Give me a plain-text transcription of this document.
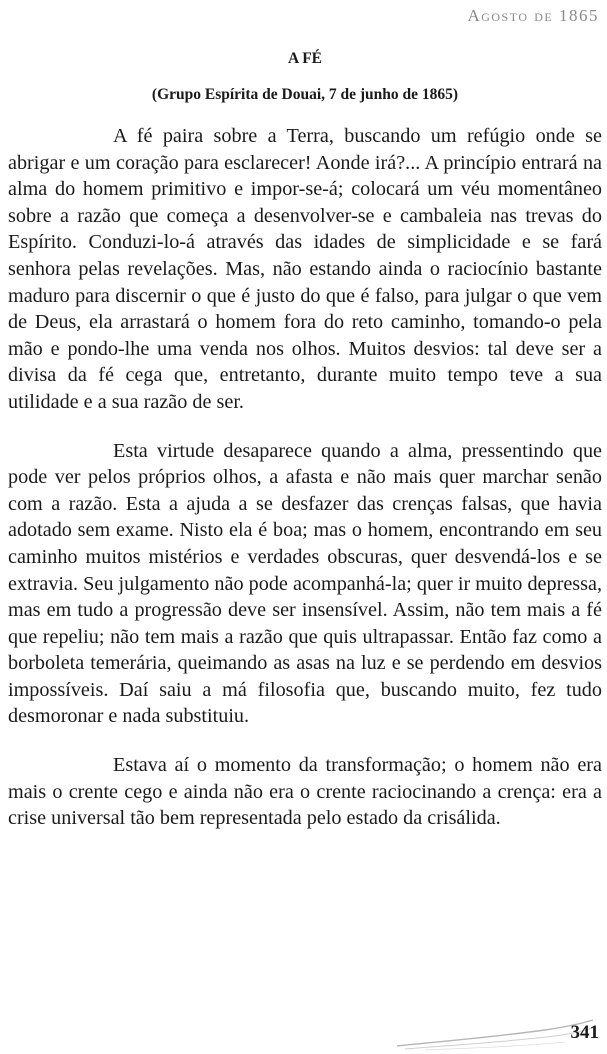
Agosto de 1865
A FÉ
(Grupo Espírita de Douai, 7 de junho de 1865)

A fé paira sobre a Terra, buscando um refúgio onde se abrigar e um coração para esclarecer! Aonde irá?... A princípio entrará na alma do homem primitivo e impor-se-á; colocará um véu momentâneo sobre a razão que começa a desenvolver-se e cambaleia nas trevas do Espírito. Conduzi-lo-á através das idades de simplicidade e se fará senhora pelas revelações. Mas, não estando ainda o raciocínio bastante maduro para discernir o que é justo do que é falso, para julgar o que vem de Deus, ela arrastará o homem fora do reto caminho, tomando-o pela mão e pondo-lhe uma venda nos olhos. Muitos desvios: tal deve ser a divisa da fé cega que, entretanto, durante muito tempo teve a sua utilidade e a sua razão de ser.

Esta virtude desaparece quando a alma, pressentindo que pode ver pelos próprios olhos, a afasta e não mais quer marchar senão com a razão. Esta a ajuda a se desfazer das crenças falsas, que havia adotado sem exame. Nisto ela é boa; mas o homem, encontrando em seu caminho muitos mistérios e verdades obscuras, quer desvendá-los e se extravia. Seu julgamento não pode acompanhá-la; quer ir muito depressa, mas em tudo a progressão deve ser insensível. Assim, não tem mais a fé que repeliu; não tem mais a razão que quis ultrapassar. Então faz como a borboleta temerária, queimando as asas na luz e se perdendo em desvios impossíveis. Daí saiu a má filosofia que, buscando muito, fez tudo desmoronar e nada substituiu.

Estava aí o momento da transformação; o homem não era mais o crente cego e ainda não era o crente raciocinando a crença: era a crise universal tão bem representada pelo estado da crisálida.

341
